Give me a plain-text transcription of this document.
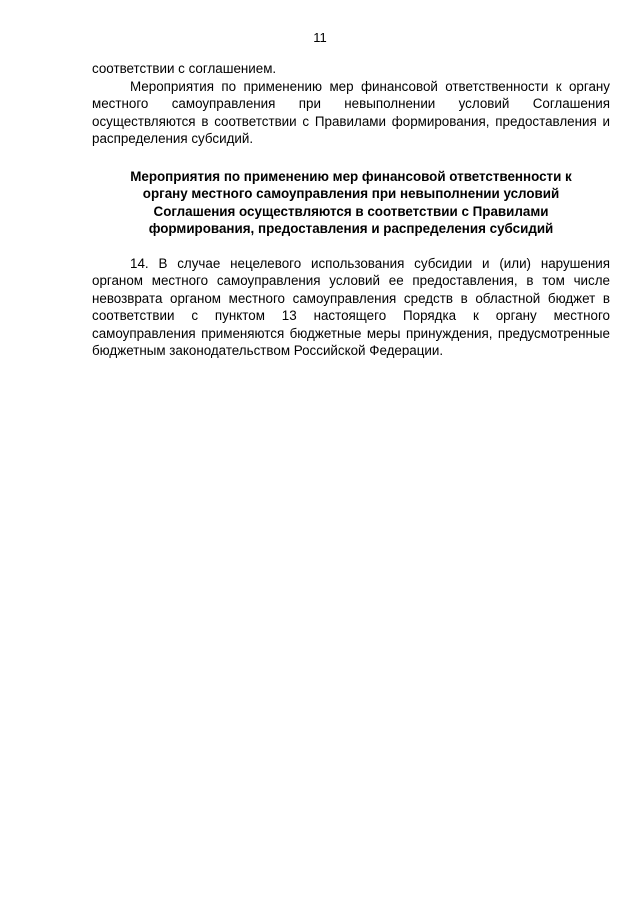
11

соответствии с соглашением.

Мероприятия по применению мер финансовой ответственности к органу местного самоуправления при невыполнении условий Соглашения осуществляются в соответствии с Правилами формирования, предоставления и распределения субсидий.

Мероприятия по применению мер финансовой ответственности к органу местного самоуправления при невыполнении условий Соглашения осуществляются в соответствии с Правилами формирования, предоставления и распределения субсидий

14. В случае нецелевого использования субсидии и (или) нарушения органом местного самоуправления условий ее предоставления, в том числе невозврата органом местного самоуправления средств в областной бюджет в соответствии с пунктом 13 настоящего Порядка к органу местного самоуправления применяются бюджетные меры принуждения, предусмотренные бюджетным законодательством Российской Федерации.
